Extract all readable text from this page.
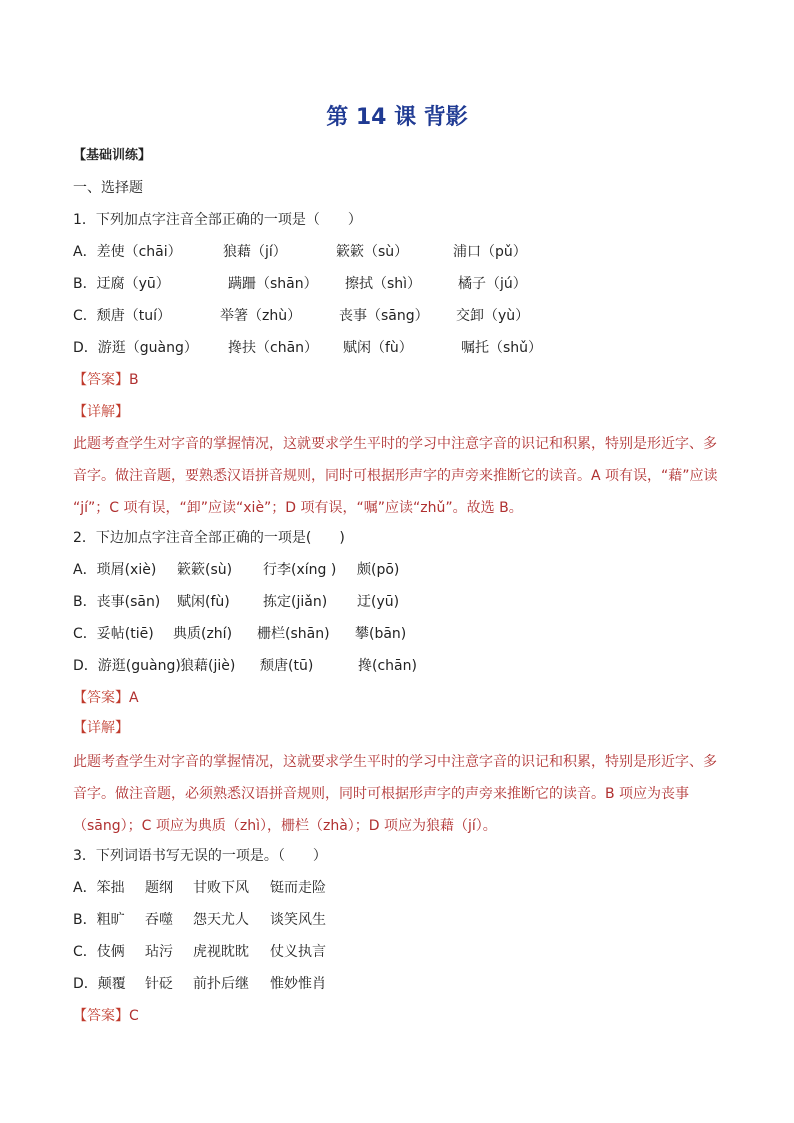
第 14 课 背影
【基础训练】
一、选择题
1．下列加点字注音全部正确的一项是（　　）
A．差使（chāi）	狼藉（jí）	簌簌（sù）	浦口（pǔ）
B．迂腐（yū）	蹒跚（shān） 擦拭（shì）	橘子（jú）
C．颓唐（tuí）	举箸（zhù）	丧事（sāng） 交卸（yù）
D．游逛（guàng） 搀扶（chān） 赋闲（fù）	嘱托（shǔ）
【答案】B
【详解】
此题考查学生对字音的掌握情况，这就要求学生平时的学习中注意字音的识记和积累，特别是形近字、多
音字。做注音题，要熟悉汉语拼音规则，同时可根据形声字的声旁来推断它的读音。A 项有误，“藉”应读
“jí”；C 项有误，“卸”应读“xiè”；D 项有误，“嘱”应读“zhǔ”。故选 B。
2．下边加点字注音全部正确的一项是(　　)
A．琐屑(xiè) 簌簌(sù) 行李(xíng ) 颇(pō)
B．丧事(sān) 赋闲(fù) 拣定(jiǎn) 迂(yū)
C．妥帖(tiē) 典质(zhí) 栅栏(shān) 攀(bān)
D．游逛(guàng) 狼藉(jiè) 颓唐(tū)	搀(chān)
【答案】A
【详解】
此题考查学生对字音的掌握情况，这就要求学生平时的学习中注意字音的识记和积累，特别是形近字、多
音字。做注音题，必须熟悉汉语拼音规则，同时可根据形声字的声旁来推断它的读音。B 项应为丧事
（sāng）；C 项应为典质（zhì），栅栏（zhà）；D 项应为狼藉（jí）。
3．下列词语书写无误的一项是。（　　）
A．笨拙 题纲 甘败下风 铤而走险
B．粗旷 吞噬 怨天尤人 谈笑风生
C．伎俩 玷污 虎视眈眈 仗义执言
D．颠覆 针砭 前扑后继 惟妙惟肖
【答案】C
